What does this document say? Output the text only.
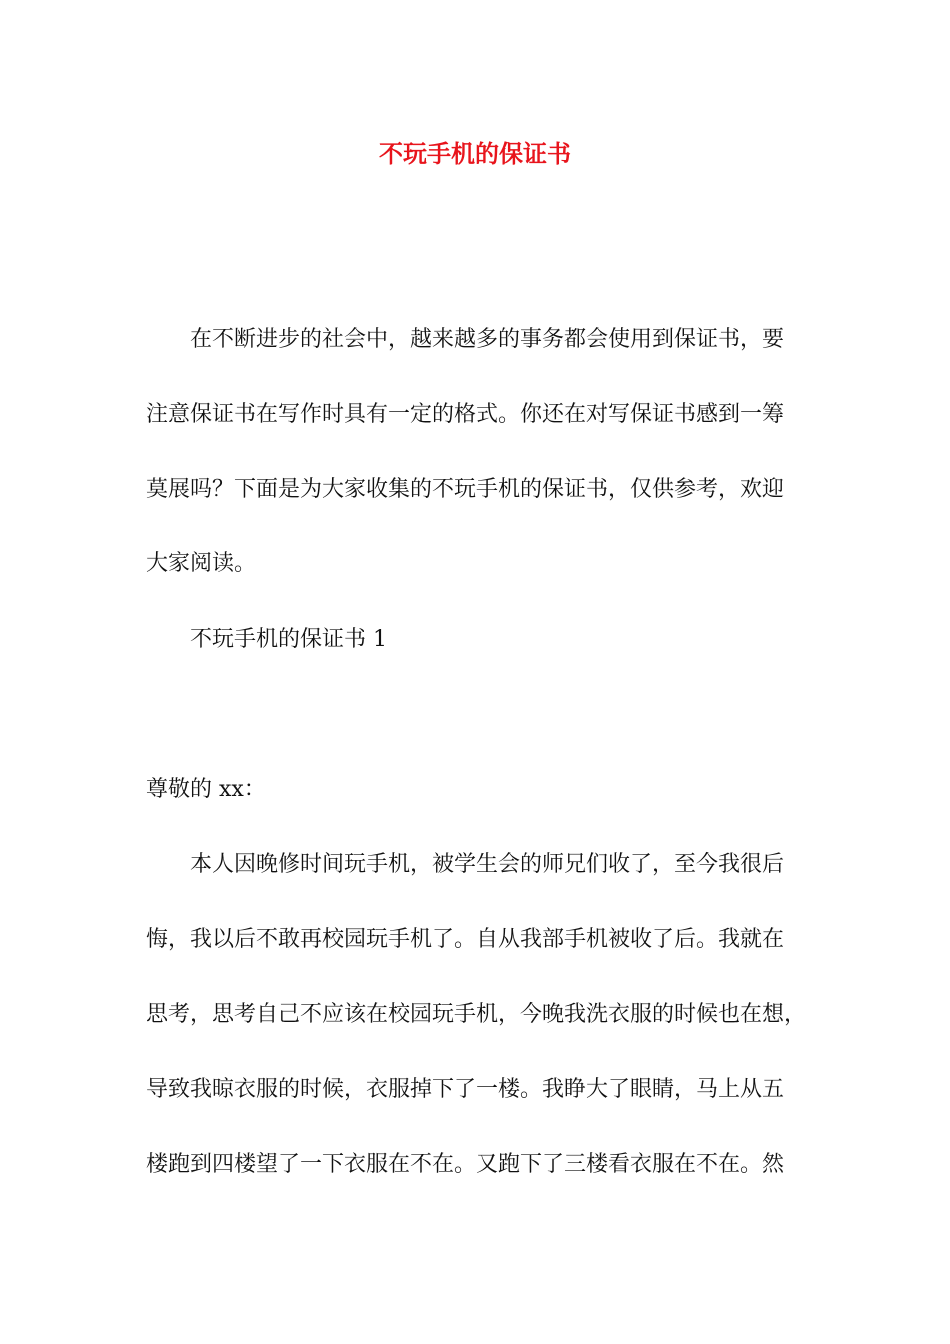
不玩手机的保证书
在不断进步的社会中，越来越多的事务都会使用到保证书，要
注意保证书在写作时具有一定的格式。你还在对写保证书感到一筹
莫展吗？下面是为大家收集的不玩手机的保证书，仅供参考，欢迎
大家阅读。
不玩手机的保证书 1
尊敬的 xx：
本人因晚修时间玩手机，被学生会的师兄们收了，至今我很后
悔，我以后不敢再校园玩手机了。自从我部手机被收了后。我就在
思考，思考自己不应该在校园玩手机，今晚我洗衣服的时候也在想，
导致我晾衣服的时候，衣服掉下了一楼。我睁大了眼睛，马上从五
楼跑到四楼望了一下衣服在不在。又跑下了三楼看衣服在不在。然
